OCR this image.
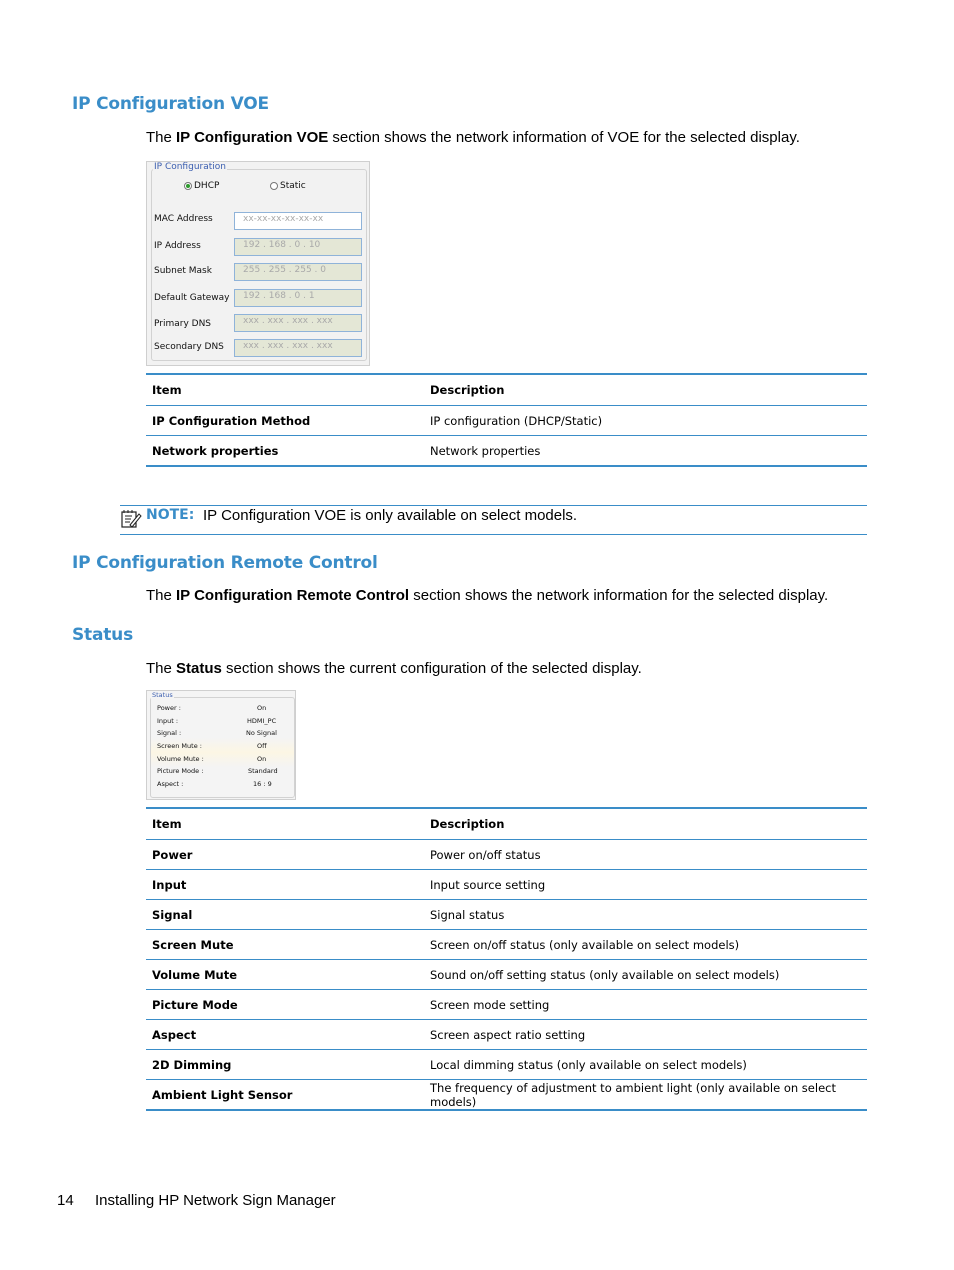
IP Configuration VOE
The IP Configuration VOE section shows the network information of VOE for the selected display.
IP Configuration
DHCP	Static
MAC Address	xx-xx-xx-xx-xx-xx
IP Address	192 . 168 . 0 . 10
Subnet Mask	255 . 255 . 255 . 0
Default Gateway	192 . 168 . 0 . 1
Primary DNS	xxx . xxx . xxx . xxx
Secondary DNS	xxx . xxx . xxx . xxx
Item	Description
IP Configuration Method	IP configuration (DHCP/Static)
Network properties	Network properties
NOTE: IP Configuration VOE is only available on select models.
IP Configuration Remote Control
The IP Configuration Remote Control section shows the network information for the selected display.
Status
The Status section shows the current configuration of the selected display.
Status
Power :	On
Input :	HDMI_PC
Signal :	No Signal
Screen Mute :	Off
Volume Mute :	On
Picture Mode :	Standard
Aspect :	16 : 9
Item	Description
Power	Power on/off status
Input	Input source setting
Signal	Signal status
Screen Mute	Screen on/off status (only available on select models)
Volume Mute	Sound on/off setting status (only available on select models)
Picture Mode	Screen mode setting
Aspect	Screen aspect ratio setting
2D Dimming	Local dimming status (only available on select models)
Ambient Light Sensor	The frequency of adjustment to ambient light (only available on select models)
14 Installing HP Network Sign Manager
